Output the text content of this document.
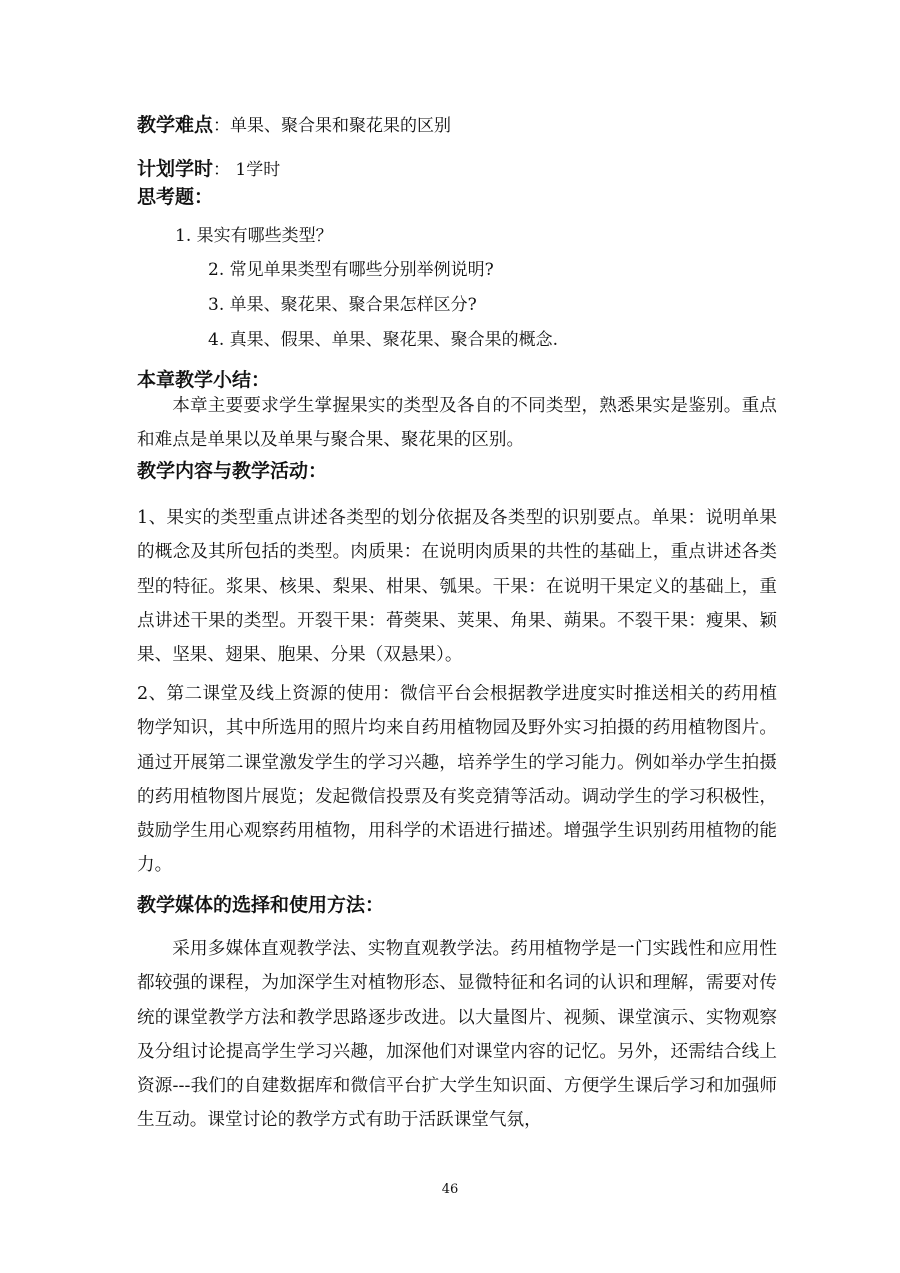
教学难点：单果、聚合果和聚花果的区别
计划学时： 1学时
思考题：
1. 果实有哪些类型？
2. 常见单果类型有哪些分别举例说明?
3. 单果、聚花果、聚合果怎样区分?
4. 真果、假果、单果、聚花果、聚合果的概念.
本章教学小结：
本章主要要求学生掌握果实的类型及各自的不同类型，熟悉果实是鉴别。重点和难点是单果以及单果与聚合果、聚花果的区别。
教学内容与教学活动：
1、果实的类型重点讲述各类型的划分依据及各类型的识别要点。单果：说明单果的概念及其所包括的类型。肉质果：在说明肉质果的共性的基础上，重点讲述各类型的特征。浆果、核果、梨果、柑果、瓠果。干果：在说明干果定义的基础上，重点讲述干果的类型。开裂干果：蓇葖果、荚果、角果、蒴果。不裂干果：瘦果、颖果、坚果、翅果、胞果、分果（双悬果）。
2、第二课堂及线上资源的使用：微信平台会根据教学进度实时推送相关的药用植物学知识，其中所选用的照片均来自药用植物园及野外实习拍摄的药用植物图片。通过开展第二课堂激发学生的学习兴趣，培养学生的学习能力。例如举办学生拍摄的药用植物图片展览；发起微信投票及有奖竞猜等活动。调动学生的学习积极性，鼓励学生用心观察药用植物，用科学的术语进行描述。增强学生识别药用植物的能力。
教学媒体的选择和使用方法：
采用多媒体直观教学法、实物直观教学法。药用植物学是一门实践性和应用性都较强的课程，为加深学生对植物形态、显微特征和名词的认识和理解，需要对传统的课堂教学方法和教学思路逐步改进。以大量图片、视频、课堂演示、实物观察及分组讨论提高学生学习兴趣，加深他们对课堂内容的记忆。另外，还需结合线上资源---我们的自建数据库和微信平台扩大学生知识面、方便学生课后学习和加强师生互动。课堂讨论的教学方式有助于活跃课堂气氛，
46
